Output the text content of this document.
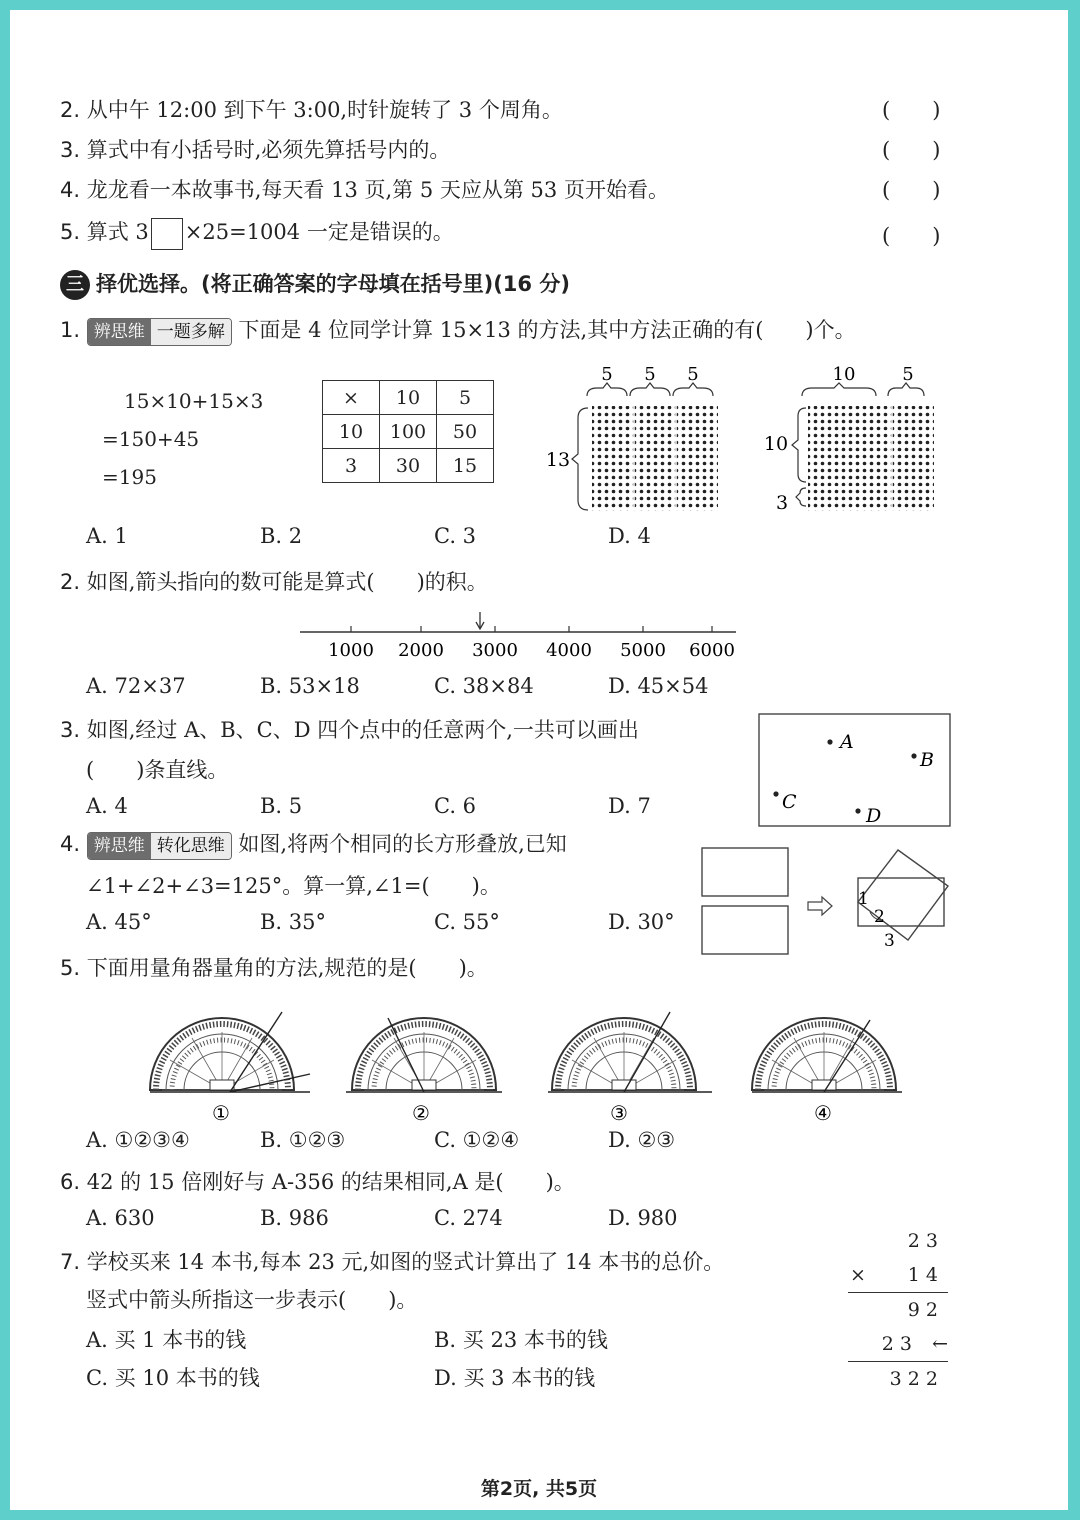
2. 从中午 12:00 到下午 3:00,时针旋转了 3 个周角。	(　　)
3. 算式中有小括号时,必须先算括号内的。	(　　)
4. 龙龙看一本故事书,每天看 13 页,第 5 天应从第 53 页开始看。	(　　)
5. 算式 3 ×25=1004 一定是错误的。	(　　)
三 择优选择。(将正确答案的字母填在括号里)(16 分)
1. 辨思维 一题多解 下面是 4 位同学计算 15×13 的方法,其中方法正确的有(　　)个。
15×10+15×3
=150+45
=195
×	10	5
10	100	50
3	30	15
5 5 5
13
10	5
10
3
A. 1	B. 2	C. 3	D. 4
2. 如图,箭头指向的数可能是算式(　　)的积。
1000 2000 3000 4000 5000 6000
A. 72×37	B. 53×18	C. 38×84	D. 45×54
3. 如图,经过 A、B、C、D 四个点中的任意两个,一共可以画出
(　　)条直线。
A. 4	B. 5	C. 6	D. 7
A
B
C
D
4. 辨思维 转化思维 如图,将两个相同的长方形叠放,已知
∠1+∠2+∠3=125°。算一算,∠1=(　　)。
A. 45°	B. 35°	C. 55°	D. 30°
1
2
3
5. 下面用量角器量角的方法,规范的是(　　)。
①	②	③	④
A. ①②③④	B. ①②③	C. ①②④	D. ②③
6. 42 的 15 倍刚好与 A-356 的结果相同,A 是(　　)。
A. 630	B. 986	C. 274	D. 980
7. 学校买来 14 本书,每本 23 元,如图的竖式计算出了 14 本书的总价。
竖式中箭头所指这一步表示(　　)。
A. 买 1 本书的钱	B. 买 23 本书的钱
C. 买 10 本书的钱	D. 买 3 本书的钱
2 3
×	1 4
9 2
2 3 ←
3 2 2
第2页, 共5页
